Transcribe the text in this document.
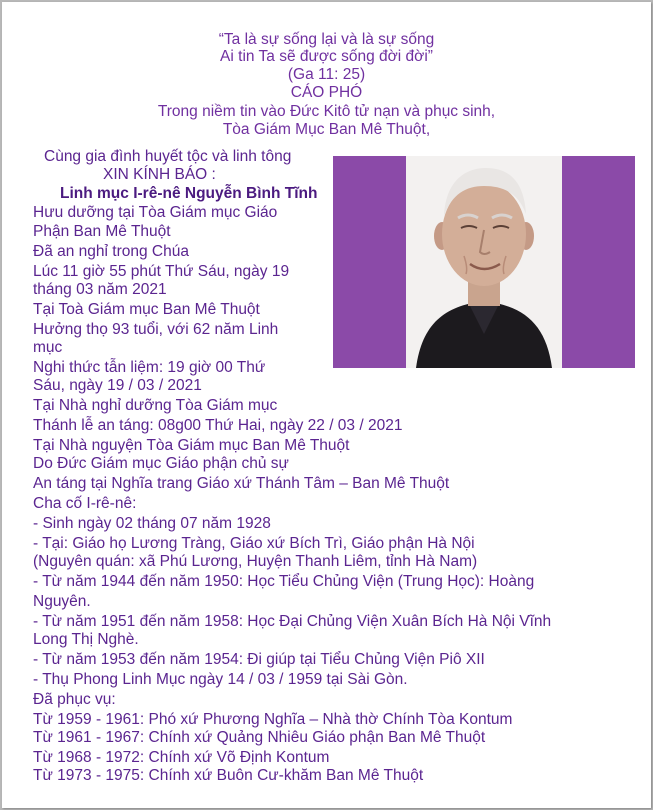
“Ta là sự sống lại và là sự sống
Ai tin Ta sẽ được sống đời đời”
(Ga 11: 25)
CÁO PHÓ
Trong niềm tin vào Đức Kitô tử nạn và phục sinh,
Tòa Giám Mục Ban Mê Thuột,
Cùng gia đình huyết tộc và linh tông
XIN KÍNH BÁO :
Linh mục I-rê-nê Nguyễn Bình Tĩnh
Hưu dưỡng tại Tòa Giám mục Giáo
Phận Ban Mê Thuột
Đã an nghỉ trong Chúa
Lúc 11 giờ 55 phút Thứ Sáu, ngày 19
tháng 03 năm 2021
Tại Toà Giám mục Ban Mê Thuột
Hưởng thọ 93 tuổi, với 62 năm Linh
mục
Nghi thức tẫn liệm: 19 giờ 00 Thứ
Sáu, ngày 19 / 03 / 2021
Tại Nhà nghỉ dưỡng Tòa Giám mục
Thánh lễ an táng: 08g00 Thứ Hai, ngày 22 / 03 / 2021
Tại Nhà nguyện Tòa Giám mục Ban Mê Thuột
Do Đức Giám mục Giáo phận chủ sự
An táng tại Nghĩa trang Giáo xứ Thánh Tâm – Ban Mê Thuột
Cha cố I-rê-nê:
- Sinh ngày 02 tháng 07 năm 1928
- Tại: Giáo họ Lương Tràng, Giáo xứ Bích Trì, Giáo phận Hà Nội
(Nguyên quán: xã Phú Lương, Huyện Thanh Liêm, tỉnh Hà Nam)
- Từ năm 1944 đến năm 1950: Học Tiểu Chủng Viện (Trung Học): Hoàng
Nguyên.
- Từ năm 1951 đến năm 1958: Học Đại Chủng Viện Xuân Bích Hà Nội Vĩnh
Long Thị Nghè.
- Từ năm 1953 đến năm 1954: Đi giúp tại Tiểu Chủng Viện Piô XII
- Thụ Phong Linh Mục ngày 14 / 03 / 1959 tại Sài Gòn.
Đã phục vụ:
Từ 1959 - 1961: Phó xứ Phương Nghĩa – Nhà thờ Chính Tòa Kontum
Từ 1961 - 1967: Chính xứ Quảng Nhiêu Giáo phận Ban Mê Thuột
Từ 1968 - 1972: Chính xứ Võ Định Kontum
Từ 1973 - 1975: Chính xứ Buôn Cư-khăm Ban Mê Thuột
